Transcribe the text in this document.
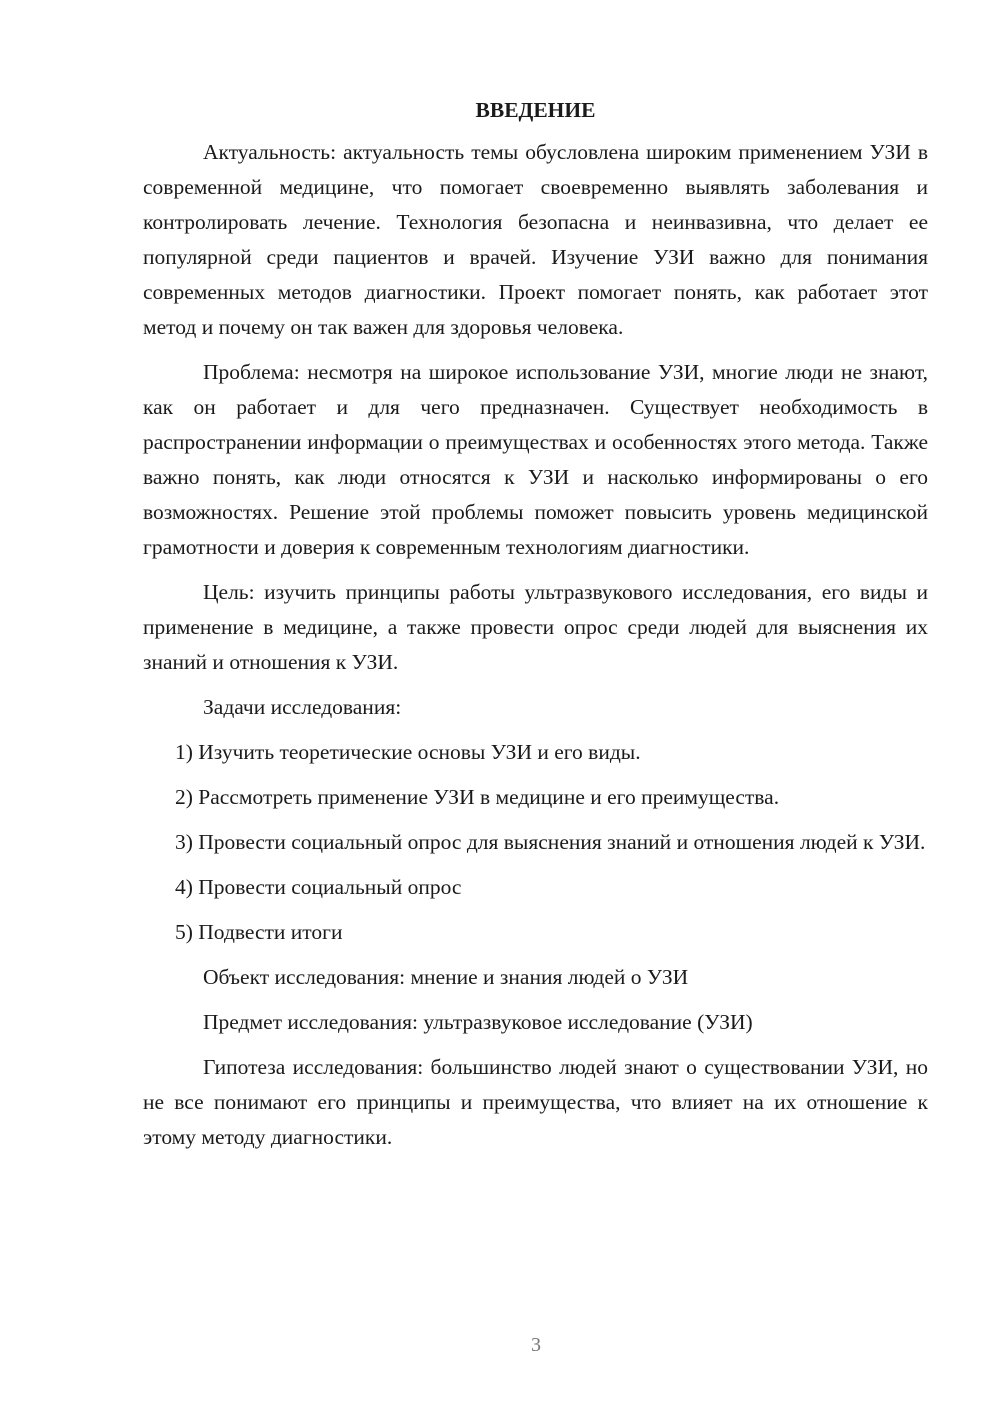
ВВЕДЕНИЕ

Актуальность: актуальность темы обусловлена широким применением УЗИ в современной медицине, что помогает своевременно выявлять заболевания и контролировать лечение. Технология безопасна и неинвазивна, что делает ее популярной среди пациентов и врачей. Изучение УЗИ важно для понимания современных методов диагностики. Проект помогает понять, как работает этот метод и почему он так важен для здоровья человека.

Проблема: несмотря на широкое использование УЗИ, многие люди не знают, как он работает и для чего предназначен. Существует необходимость в распространении информации о преимуществах и особенностях этого метода. Также важно понять, как люди относятся к УЗИ и насколько информированы о его возможностях. Решение этой проблемы поможет повысить уровень медицинской грамотности и доверия к современным технологиям диагностики.

Цель: изучить принципы работы ультразвукового исследования, его виды и применение в медицине, а также провести опрос среди людей для выяснения их знаний и отношения к УЗИ.

Задачи исследования:

1) Изучить теоретические основы УЗИ и его виды.

2) Рассмотреть применение УЗИ в медицине и его преимущества.

3) Провести социальный опрос для выяснения знаний и отношения людей к УЗИ.

4) Провести социальный опрос

5) Подвести итоги

Объект исследования: мнение и знания людей о УЗИ

Предмет исследования: ультразвуковое исследование (УЗИ)

Гипотеза исследования: большинство людей знают о существовании УЗИ, но не все понимают его принципы и преимущества, что влияет на их отношение к этому методу диагностики.

3
